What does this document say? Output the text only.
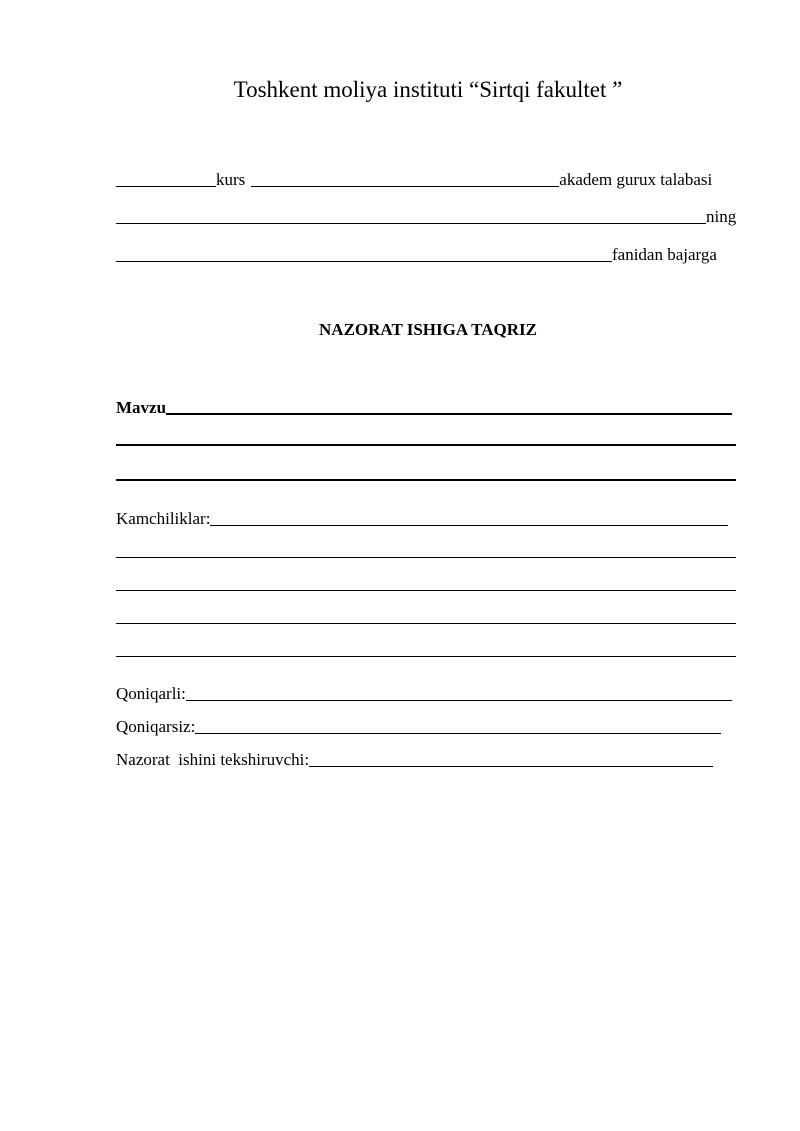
Toshkent moliya instituti “Sirtqi fakultet ”
kurs	akadem gurux talabasi
ning
fanidan bajarga
NAZORAT ISHIGA TAQRIZ
Mavzu
Kamchiliklar:
Qoniqarli:
Qoniqarsiz:
Nazorat  ishini tekshiruvchi:
